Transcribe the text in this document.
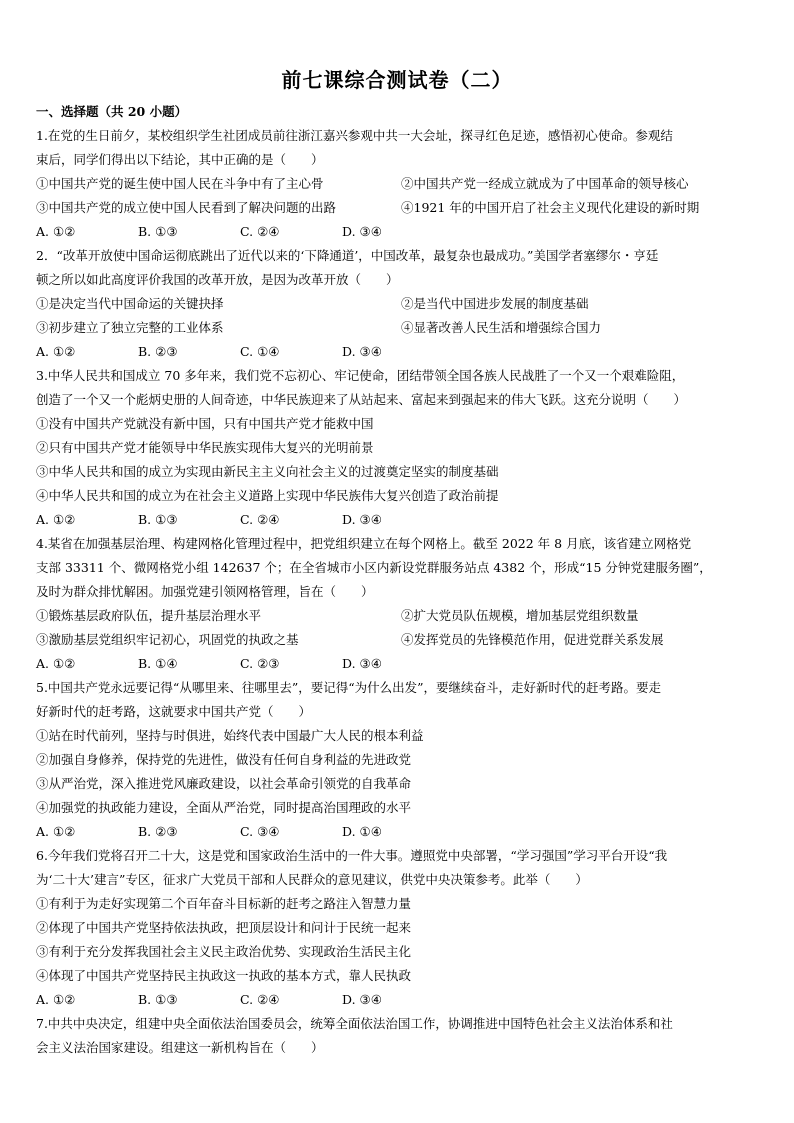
前七课综合测试卷（二）
一、选择题（共 20 小题）
1.在党的生日前夕，某校组织学生社团成员前往浙江嘉兴参观中共一大会址，探寻红色足迹，感悟初心使命。参观结
束后，同学们得出以下结论，其中正确的是（　　）
①中国共产党的诞生使中国人民在斗争中有了主心骨	②中国共产党一经成立就成为了中国革命的领导核心
③中国共产党的成立使中国人民看到了解决问题的出路	④1921 年的中国开启了社会主义现代化建设的新时期
A. ①②	B. ①③	C. ②④	D. ③④
2．“改革开放使中国命运彻底跳出了近代以来的‘下降通道’，中国改革，最复杂也最成功。”美国学者塞缪尔・亨廷
顿之所以如此高度评价我国的改革开放，是因为改革开放（　　）
①是决定当代中国命运的关键抉择	②是当代中国进步发展的制度基础
③初步建立了独立完整的工业体系	④显著改善人民生活和增强综合国力
A. ①②	B. ②③	C. ①④	D. ③④
3.中华人民共和国成立 70 多年来，我们党不忘初心、牢记使命，团结带领全国各族人民战胜了一个又一个艰难险阻，
创造了一个又一个彪炳史册的人间奇迹，中华民族迎来了从站起来、富起来到强起来的伟大飞跃。这充分说明（　　）
①没有中国共产党就没有新中国，只有中国共产党才能救中国
②只有中国共产党才能领导中华民族实现伟大复兴的光明前景
③中华人民共和国的成立为实现由新民主主义向社会主义的过渡奠定坚实的制度基础
④中华人民共和国的成立为在社会主义道路上实现中华民族伟大复兴创造了政治前提
A. ①②	B. ①③	C. ②④	D. ③④
4.某省在加强基层治理、构建网格化管理过程中，把党组织建立在每个网格上。截至 2022 年 8 月底，该省建立网格党
支部 33311 个、微网格党小组 142637 个；在全省城市小区内新设党群服务站点 4382 个，形成“15 分钟党建服务圈”，
及时为群众排忧解困。加强党建引领网格管理，旨在（　　）
①锻炼基层政府队伍，提升基层治理水平	②扩大党员队伍规模，增加基层党组织数量
③激励基层党组织牢记初心，巩固党的执政之基	④发挥党员的先锋模范作用，促进党群关系发展
A. ①②	B. ①④	C. ②③	D. ③④
5.中国共产党永远要记得“从哪里来、往哪里去”，要记得“为什么出发”，要继续奋斗，走好新时代的赶考路。要走
好新时代的赶考路，这就要求中国共产党（　　）
①站在时代前列，坚持与时俱进，始终代表中国最广大人民的根本利益
②加强自身修养，保持党的先进性，做没有任何自身利益的先进政党
③从严治党，深入推进党风廉政建设，以社会革命引领党的自我革命
④加强党的执政能力建设，全面从严治党，同时提高治国理政的水平
A. ①②	B. ②③	C. ③④	D. ①④
6.今年我们党将召开二十大，这是党和国家政治生活中的一件大事。遵照党中央部署，“学习强国”学习平台开设“我
为‘二十大’建言”专区，征求广大党员干部和人民群众的意见建议，供党中央决策参考。此举（　　）
①有利于为走好实现第二个百年奋斗目标新的赶考之路注入智慧力量
②体现了中国共产党坚持依法执政，把顶层设计和问计于民统一起来
③有利于充分发挥我国社会主义民主政治优势、实现政治生活民主化
④体现了中国共产党坚持民主执政这一执政的基本方式，靠人民执政
A. ①②	B. ①③	C. ②④	D. ③④
7.中共中央决定，组建中央全面依法治国委员会，统筹全面依法治国工作，协调推进中国特色社会主义法治体系和社
会主义法治国家建设。组建这一新机构旨在（　　）
